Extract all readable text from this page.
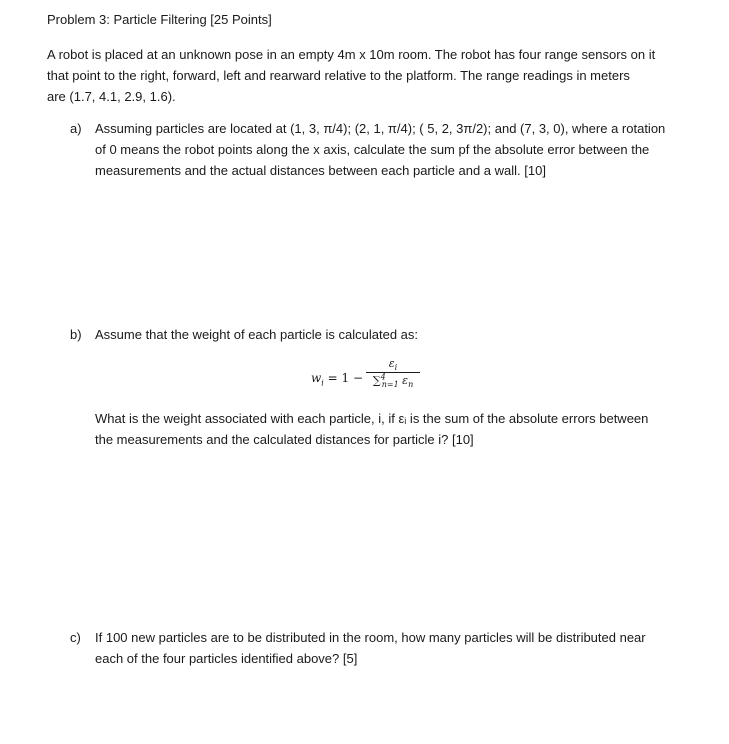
Problem 3: Particle Filtering [25 Points]

A robot is placed at an unknown pose in an empty 4m x 10m room. The robot has four range sensors on it

that point to the right, forward, left and rearward relative to the platform. The range readings in meters

are (1.7, 4.1, 2.9, 1.6).

a) Assuming particles are located at (1, 3, π/4); (2, 1, π/4); ( 5, 2, 3π/2); and (7, 3, 0), where a rotation

of 0 means the robot points along the x axis, calculate the sum pf the absolute error between the

measurements and the actual distances between each particle and a wall. [10]

b) Assume that the weight of each particle is calculated as:

What is the weight associated with each particle, i, if εᵢ is the sum of the absolute errors between

the measurements and the calculated distances for particle i? [10]

$w_i = 1$ −
$\varepsilon_i$
∑$^4_{n=1}$ $\varepsilon_n$
c) If 100 new particles are to be distributed in the room, how many particles will be distributed near

each of the four particles identified above? [5]
